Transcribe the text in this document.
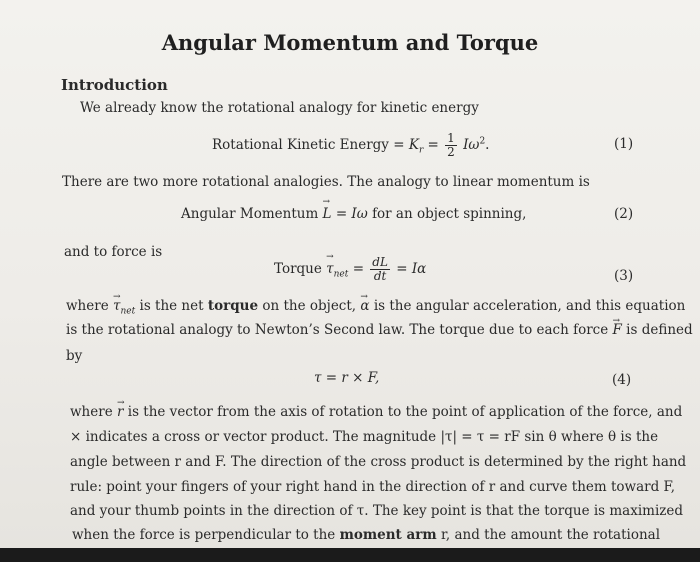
Angular Momentum and Torque
Introduction
We already know the rotational analogy for kinetic energy
Rotational Kinetic Energy = $K_r = \frac{1}{2} I\omega^2$.	(1)
There are two more rotational analogies. The analogy to linear momentum is
Angular Momentum → L = Iω for an object spinning,	(2)
and to force is
Torque → $\tau_{net} = \frac{dL}{dt} = I\alpha$	(3)
where → $\tau_{net}$ is the net torque on the object, → α is the angular acceleration, and this equation
is the rotational analogy to Newton’s Second law. The torque due to each force → F is defined
by
τ = r × F,	(4)
where → r is the vector from the axis of rotation to the point of application of the force, and
× indicates a cross or vector product. The magnitude |τ| = τ = rF sin θ where θ is the
angle between r and F. The direction of the cross product is determined by the right hand
rule: point your fingers of your right hand in the direction of r and curve them toward F,
and your thumb points in the direction of τ. The key point is that the torque is maximized
when the force is perpendicular to the moment arm r, and the amount the rotational
